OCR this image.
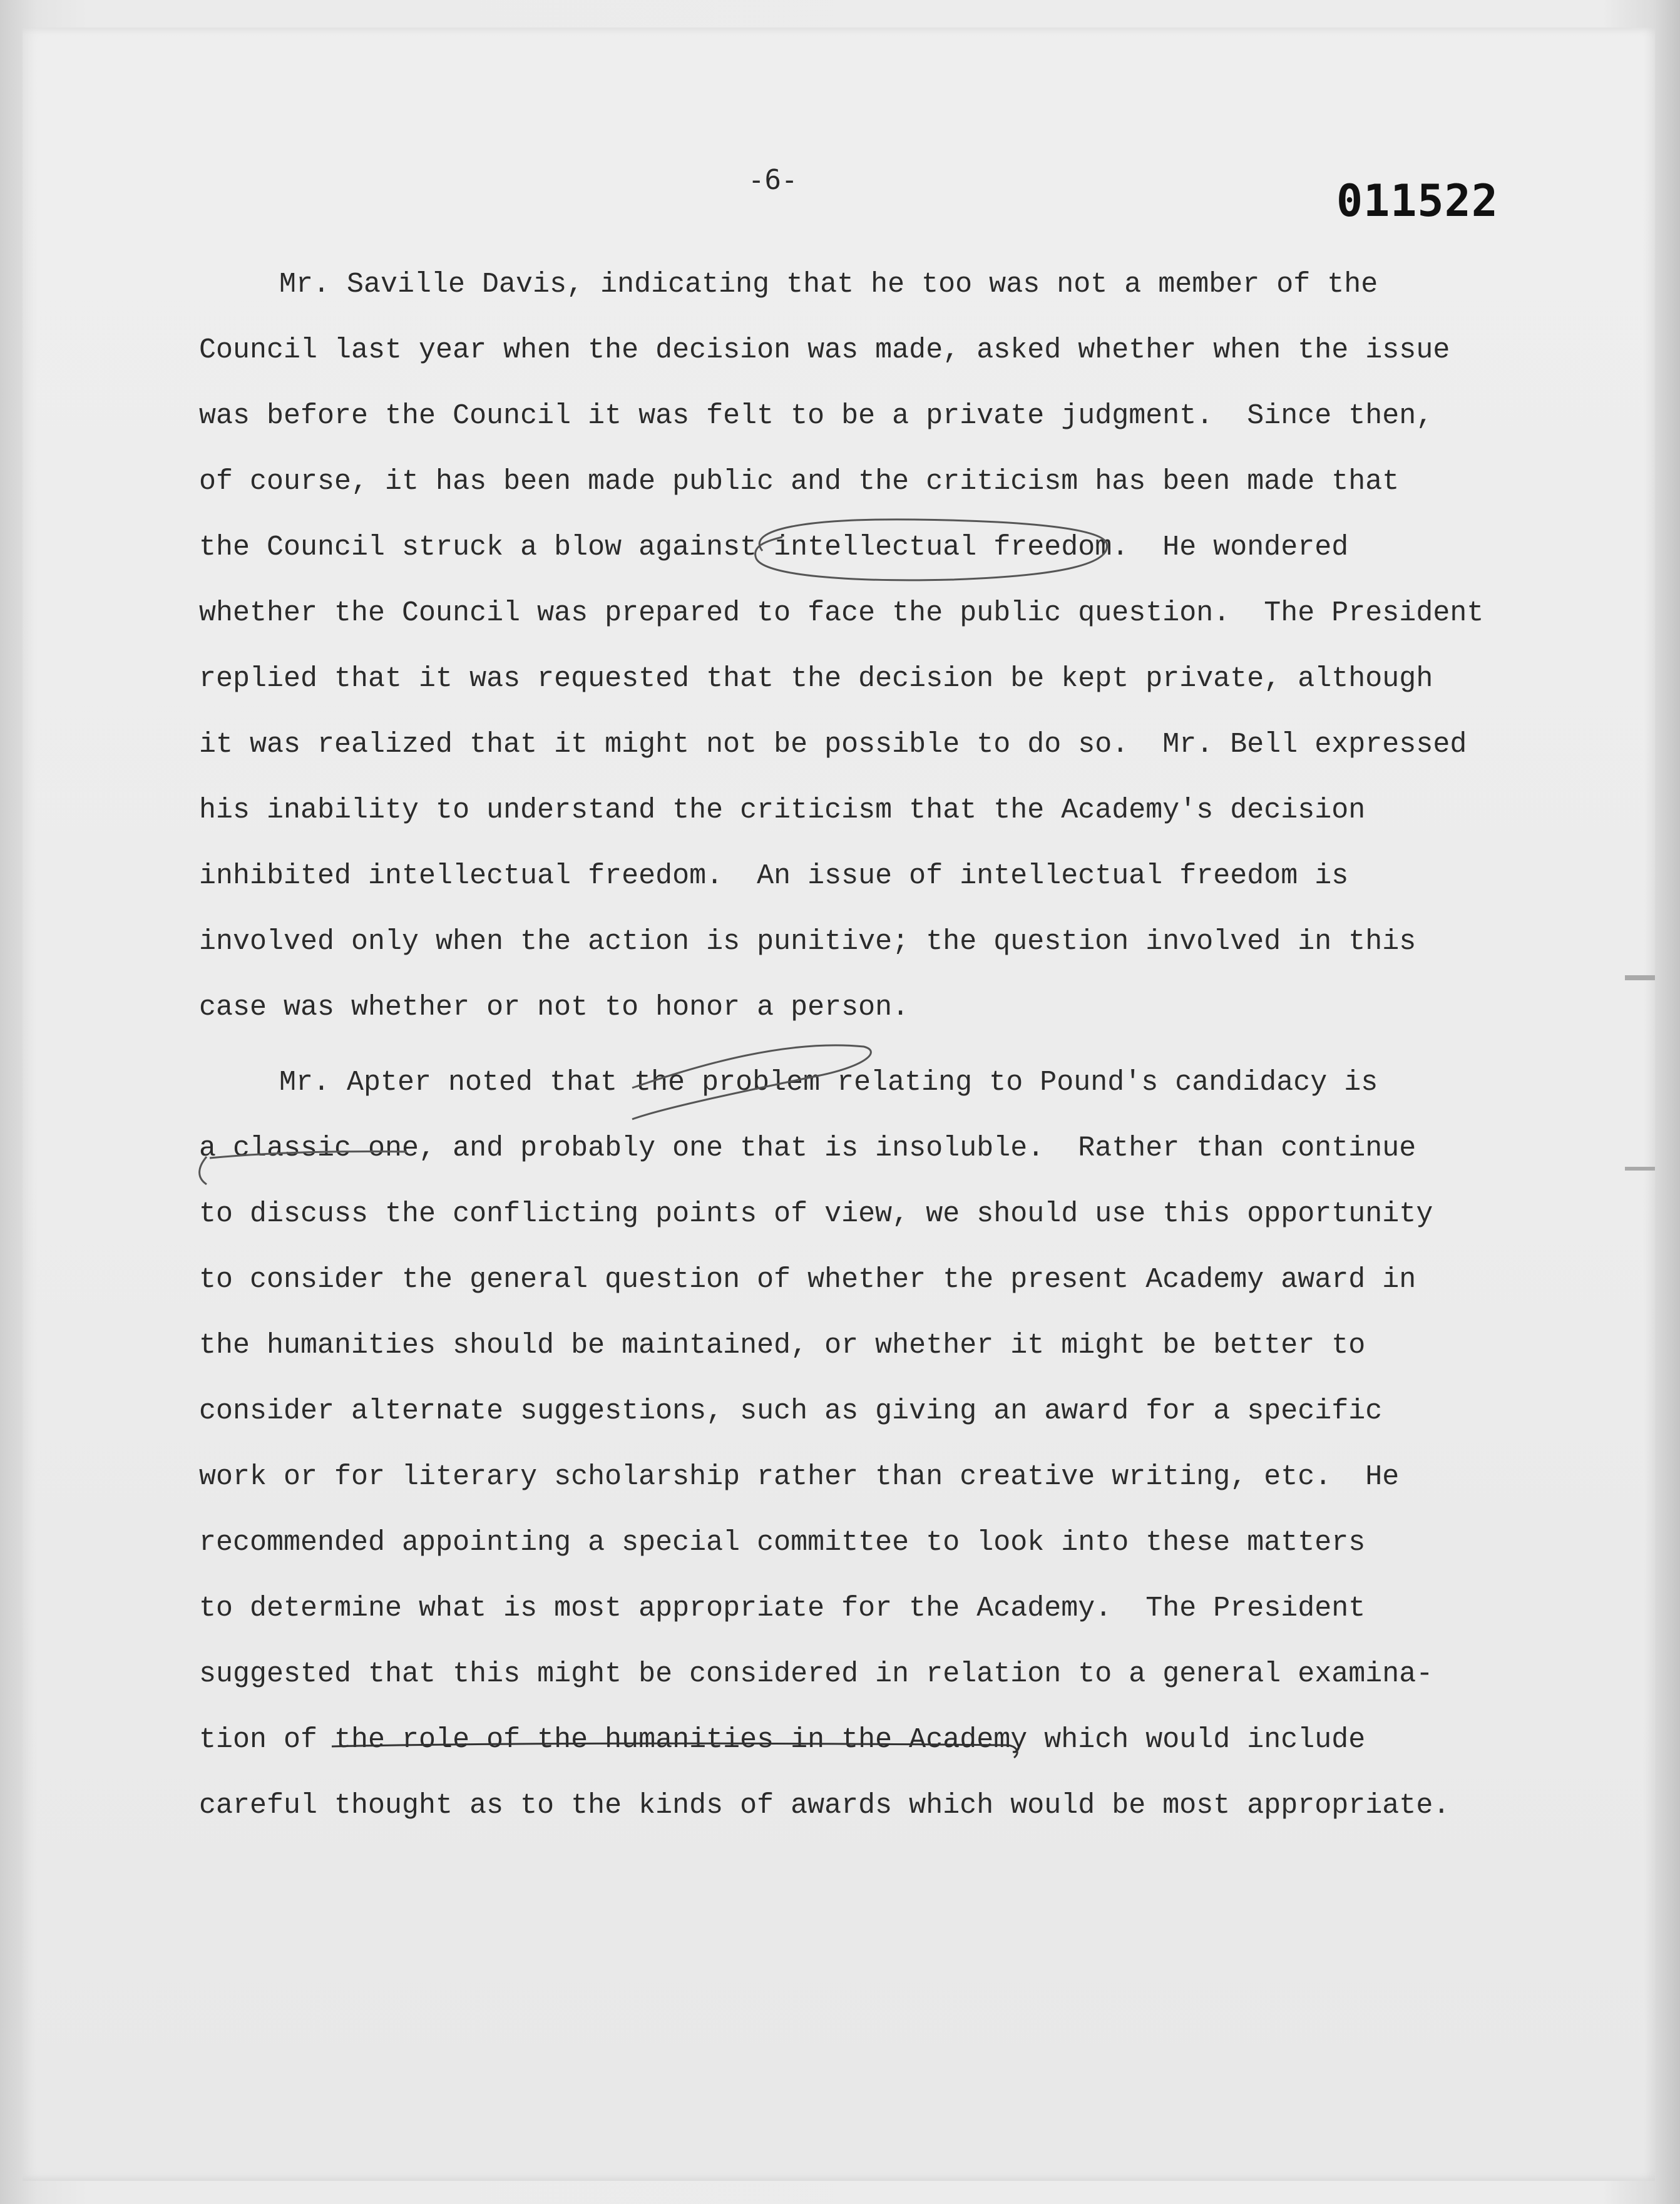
-6-	011522

Mr. Saville Davis, indicating that he too was not a member of the

Council last year when the decision was made, asked whether when the issue

was before the Council it was felt to be a private judgment.  Since then,

of course, it has been made public and the criticism has been made that

the Council struck a blow against intellectual freedom.  He wondered

whether the Council was prepared to face the public question.  The President

replied that it was requested that the decision be kept private, although

it was realized that it might not be possible to do so.  Mr. Bell expressed

his inability to understand the criticism that the Academy's decision

inhibited intellectual freedom.  An issue of intellectual freedom is

involved only when the action is punitive; the question involved in this

case was whether or not to honor a person.

Mr. Apter noted that the problem relating to Pound's candidacy is

a classic one, and probably one that is insoluble.  Rather than continue

to discuss the conflicting points of view, we should use this opportunity

to consider the general question of whether the present Academy award in

the humanities should be maintained, or whether it might be better to

consider alternate suggestions, such as giving an award for a specific

work or for literary scholarship rather than creative writing, etc.  He

recommended appointing a special committee to look into these matters

to determine what is most appropriate for the Academy.  The President

suggested that this might be considered in relation to a general examina-

tion of the role of the humanities in the Academy which would include

careful thought as to the kinds of awards which would be most appropriate.
